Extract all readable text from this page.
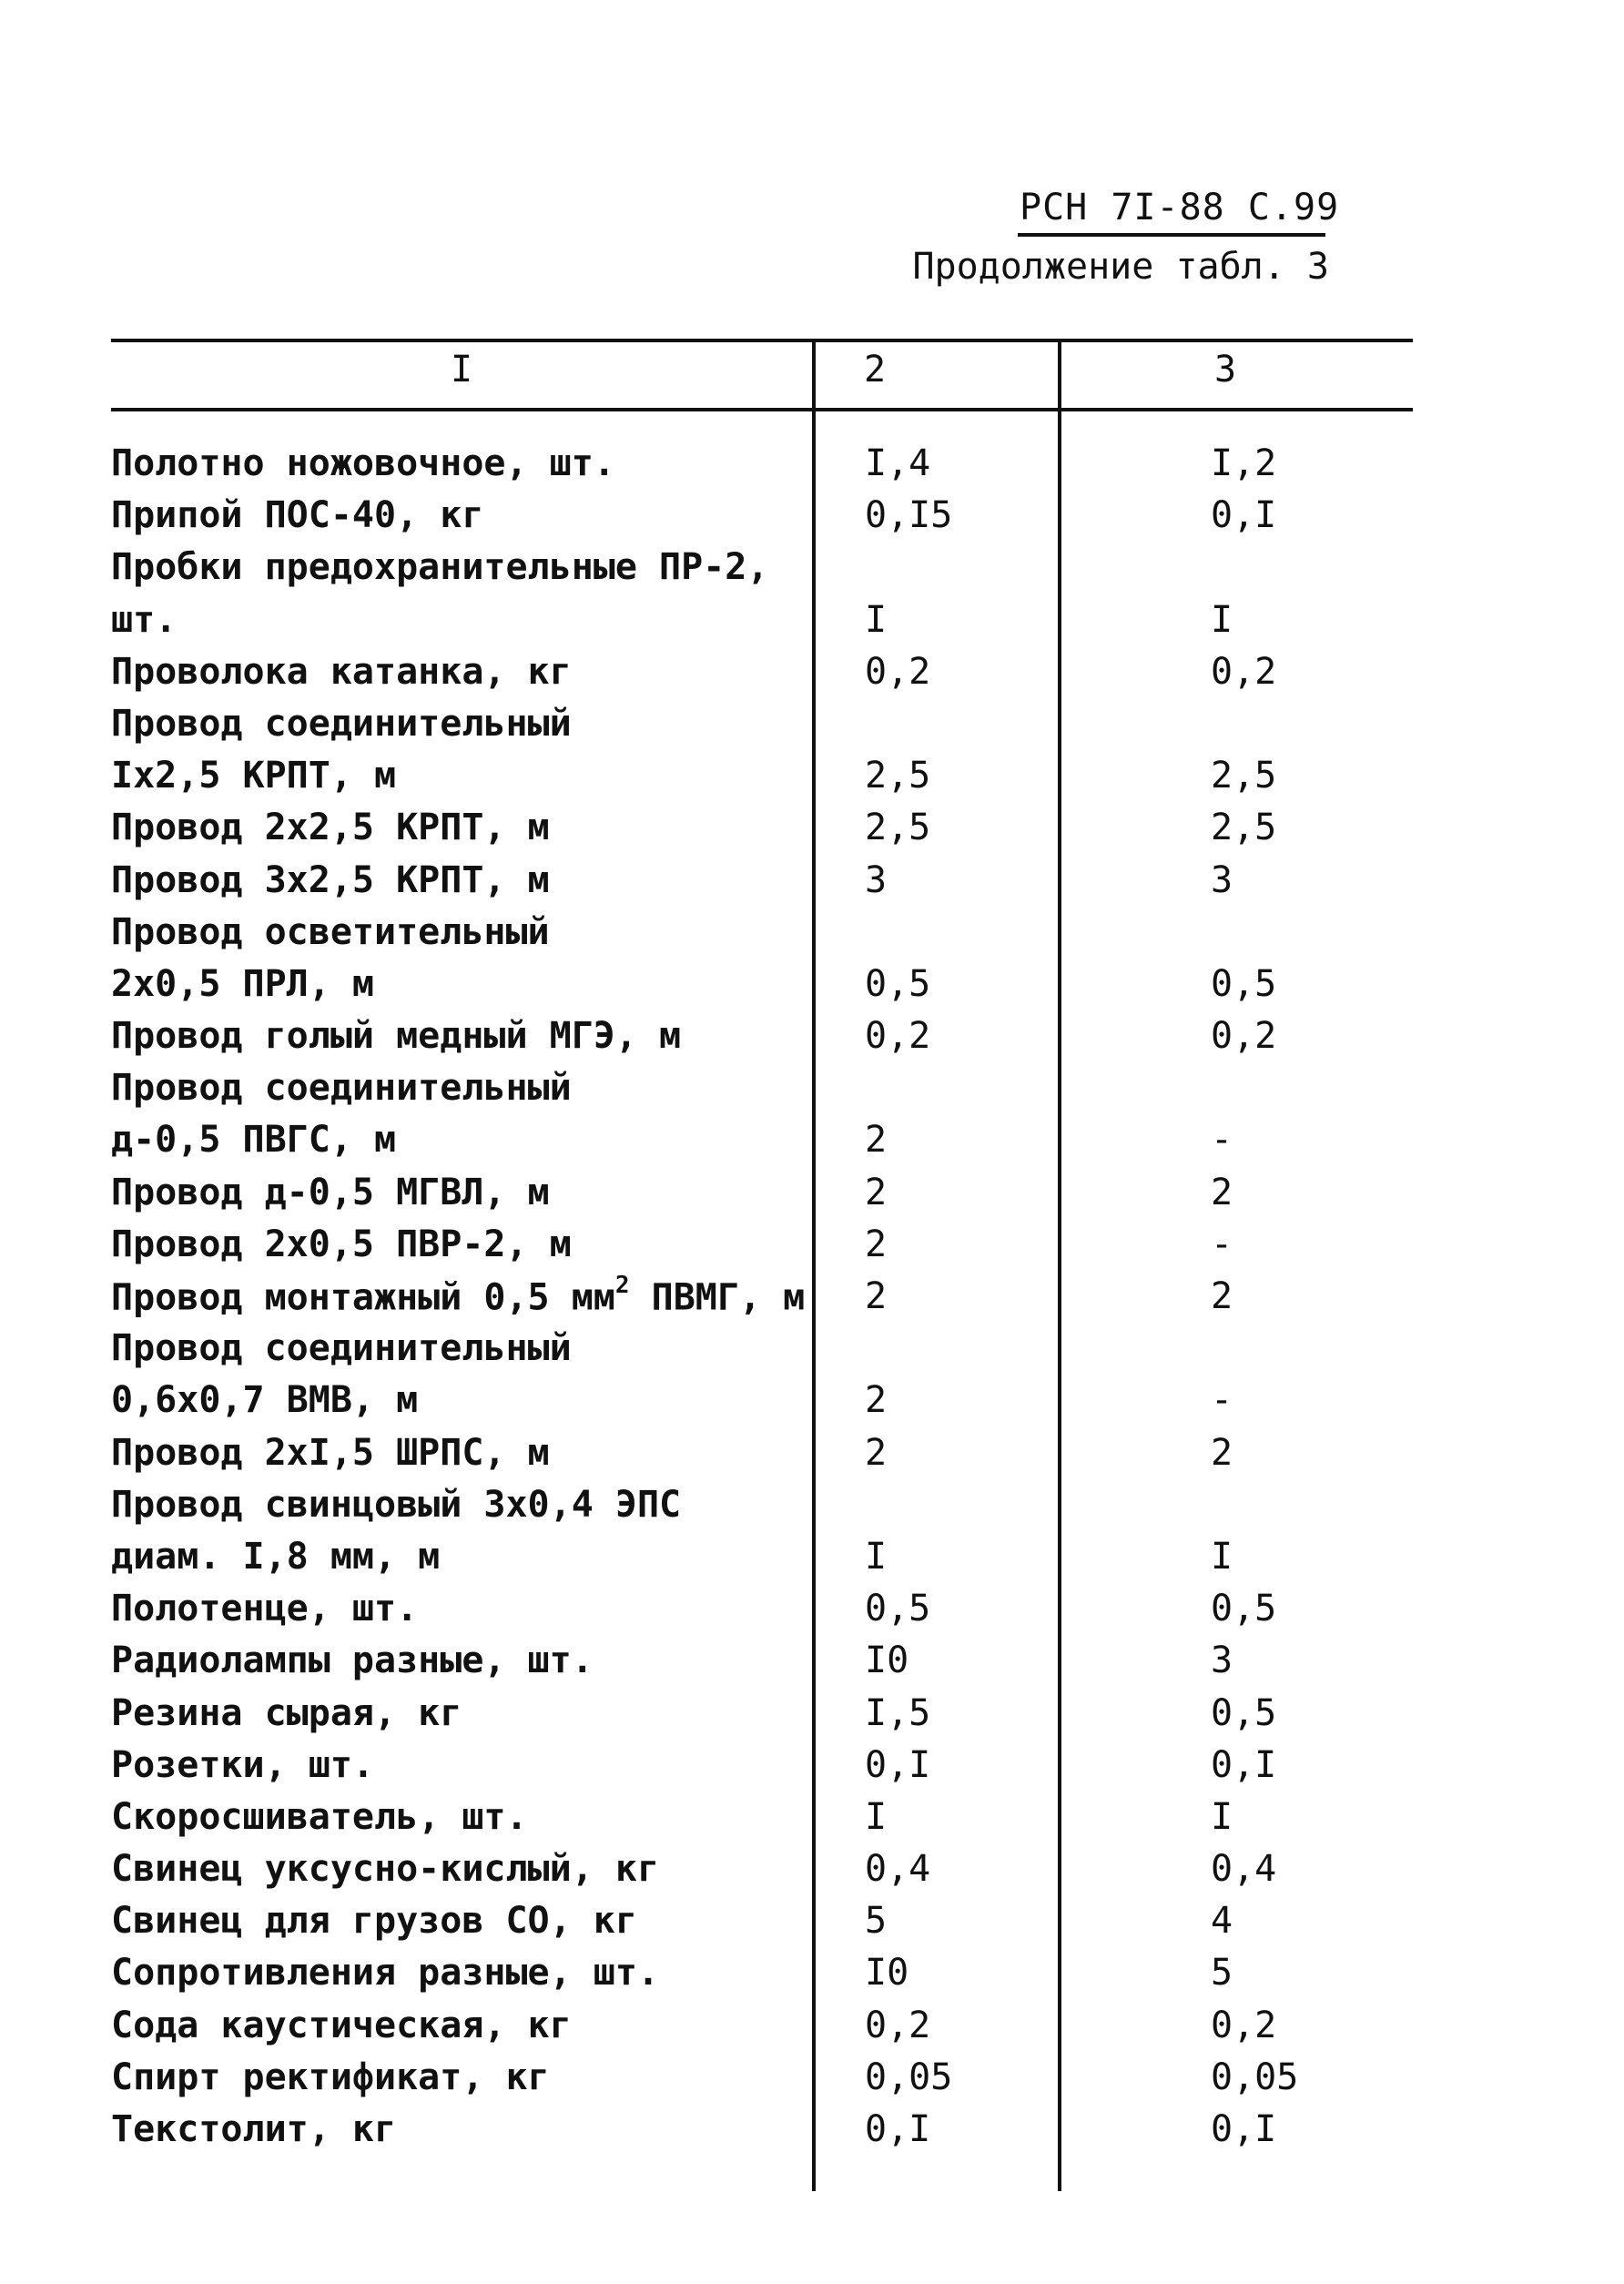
РСН 7I-88 С.99
Продолжение табл. 3
I	2	3
Полотно ножовочное, шт.	I,4	I,2
Припой ПОС-40, кг	0,I5	0,I
Пробки предохранительные ПР-2,
шт.	I	I
Проволока катанка, кг	0,2	0,2
Провод соединительный
Iх2,5 КРПТ, м	2,5	2,5
Провод 2х2,5 КРПТ, м	2,5	2,5
Провод 3х2,5 КРПТ, м	3	3
Провод осветительный
2х0,5 ПРЛ, м	0,5	0,5
Провод голый медный МГЭ, м	0,2	0,2
Провод соединительный
д-0,5 ПВГС, м	2	-
Провод д-0,5 МГВЛ, м	2	2
Провод 2х0,5 ПВР-2, м	2	-
Провод монтажный 0,5 $мм^2$ ПВМГ, м 2	2
Провод соединительный
0,6х0,7 ВМВ, м	2	-
Провод 2хI,5 ШРПС, м	2	2
Провод свинцовый 3х0,4 ЭПС
диам. I,8 мм, м	I	I
Полотенце, шт.	0,5	0,5
Радиолампы разные, шт.	I0	3
Резина сырая, кг	I,5	0,5
Розетки, шт.	0,I	0,I
Скоросшиватель, шт.	I	I
Свинец уксусно-кислый, кг	0,4	0,4
Свинец для грузов СО, кг	5	4
Сопротивления разные, шт.	I0	5
Сода каустическая, кг	0,2	0,2
Спирт ректификат, кг	0,05	0,05
Текстолит, кг	0,I	0,I
